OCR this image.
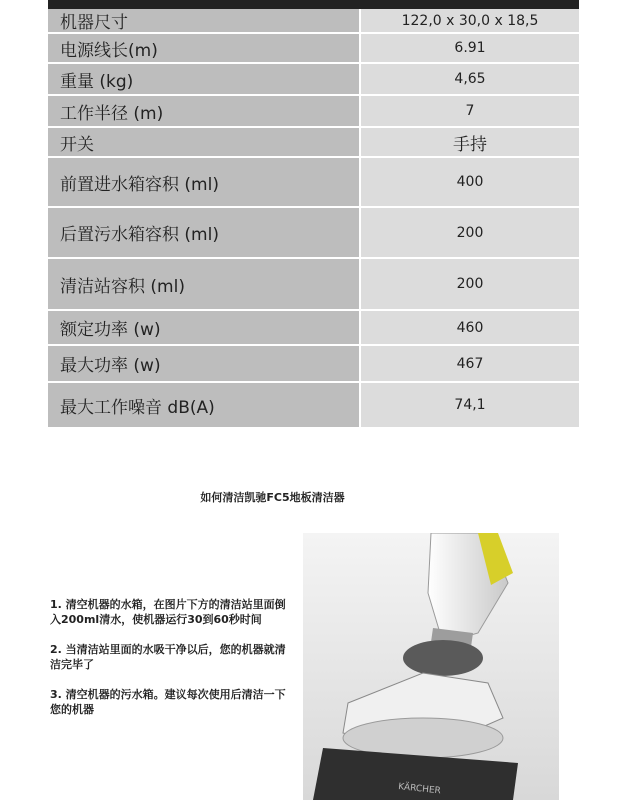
机器尺寸	122,0 x 30,0 x 18,5
电源线长(m)	6.91
重量 (kg)	4,65
工作半径 (m)	7
开关	手持
前置进水箱容积 (ml)	400
后置污水箱容积 (ml)	200
清洁站容积 (ml)	200
额定功率 (w)	460
最大功率 (w)	467
最大工作噪音 dB(A)	74,1
如何清洁凯驰FC5地板清洁器

1. 清空机器的水箱，在图片下方的清洁站里面倒入200ml清水，使机器运行30到60秒时间

2. 当清洁站里面的水吸干净以后，您的机器就清洁完毕了

3. 清空机器的污水箱。建议每次使用后清洁一下您的机器

KÄRCHER
